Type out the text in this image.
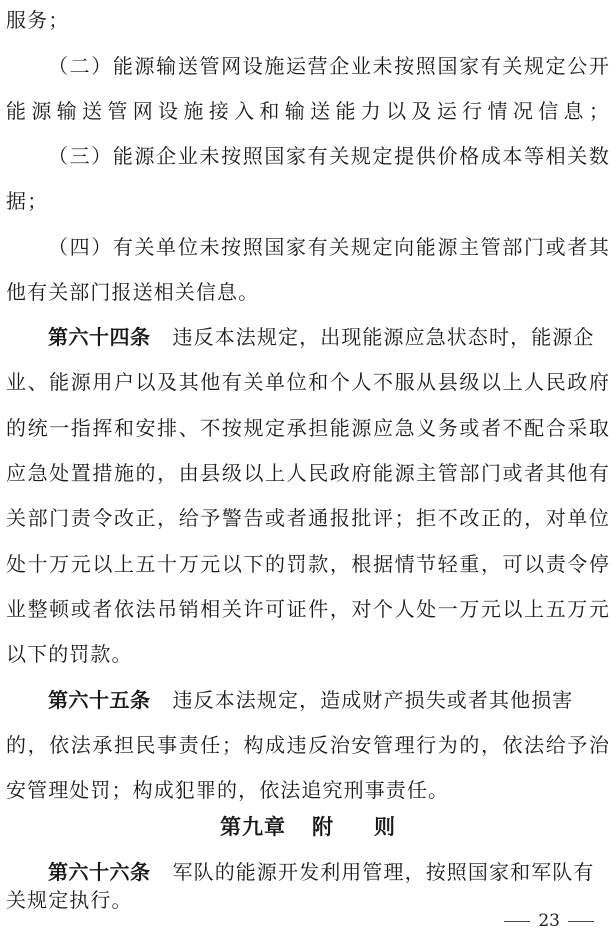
服务；
（二）能源输送管网设施运营企业未按照国家有关规定公开
能源输送管网设施接入和输送能力以及运行情况信息；
（三）能源企业未按照国家有关规定提供价格成本等相关数
据；
（四）有关单位未按照国家有关规定向能源主管部门或者其
他有关部门报送相关信息。
第六十四条 违反本法规定，出现能源应急状态时，能源企
业、能源用户以及其他有关单位和个人不服从县级以上人民政府
的统一指挥和安排、不按规定承担能源应急义务或者不配合采取
应急处置措施的，由县级以上人民政府能源主管部门或者其他有
关部门责令改正，给予警告或者通报批评；拒不改正的，对单位
处十万元以上五十万元以下的罚款，根据情节轻重，可以责令停
业整顿或者依法吊销相关许可证件，对个人处一万元以上五万元
以下的罚款。
第六十五条 违反本法规定，造成财产损失或者其他损害
的，依法承担民事责任；构成违反治安管理行为的，依法给予治
安管理处罚；构成犯罪的，依法追究刑事责任。
第九章 附 则
第六十六条 军队的能源开发利用管理，按照国家和军队有
关规定执行。
23
